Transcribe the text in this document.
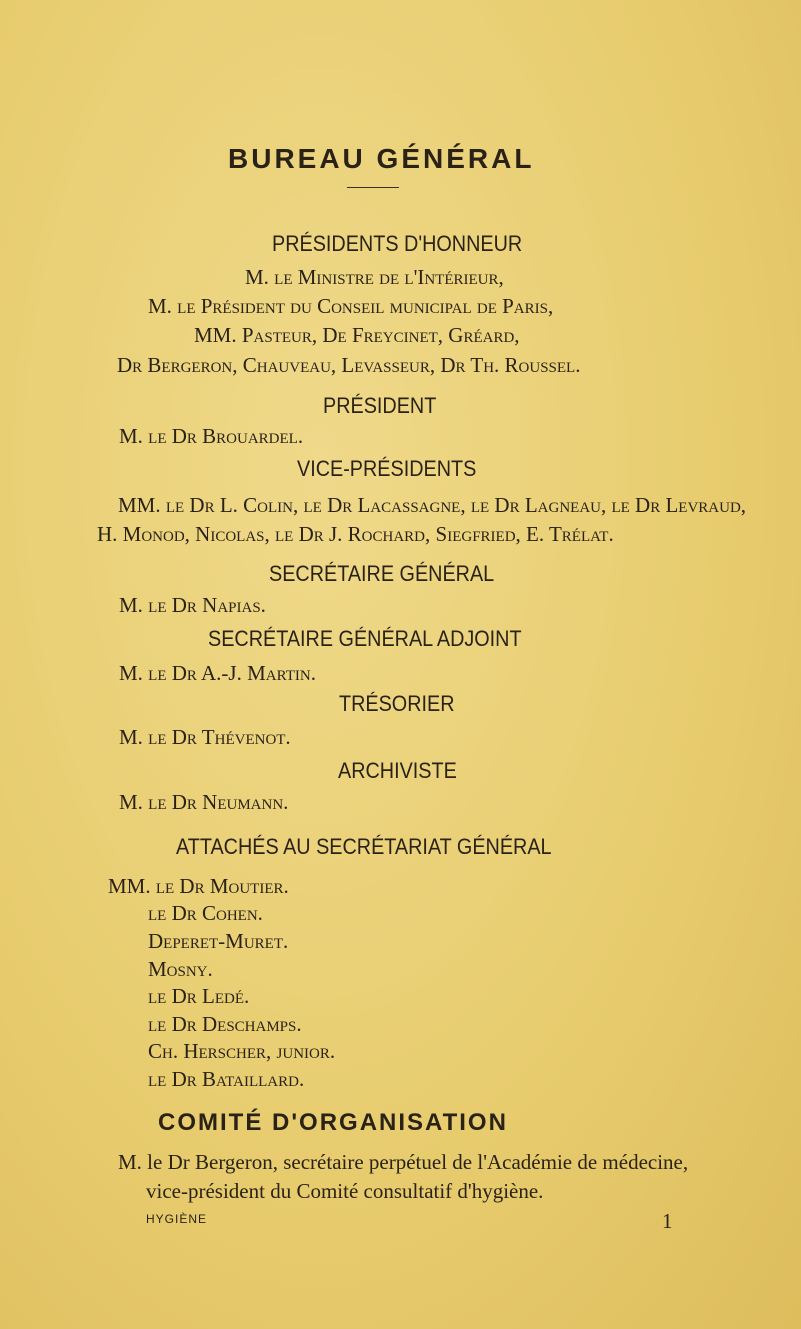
BUREAU GÉNÉRAL
PRÉSIDENTS D'HONNEUR
M. le Ministre de l'Intérieur,
M. le Président du Conseil municipal de Paris,
MM. Pasteur, De Freycinet, Gréard,
Dr Bergeron, Chauveau, Levasseur, Dr Th. Roussel.
PRÉSIDENT
M. le Dr Brouardel.
VICE-PRÉSIDENTS
MM. le Dr L. Colin, le Dr Lacassagne, le Dr Lagneau, le Dr Levraud,
H. Monod, Nicolas, le Dr J. Rochard, Siegfried, E. Trélat.
SECRÉTAIRE GÉNÉRAL
M. le Dr Napias.
SECRÉTAIRE GÉNÉRAL ADJOINT
M. le Dr A.-J. Martin.
TRÉSORIER
M. le Dr Thévenot.
ARCHIVISTE
M. le Dr Neumann.
ATTACHÉS AU SECRÉTARIAT GÉNÉRAL
MM. le Dr Moutier.
le Dr Cohen.
Deperet-Muret.
Mosny.
le Dr Ledé.
le Dr Deschamps.
Ch. Herscher, junior.
le Dr Bataillard.
COMITÉ D'ORGANISATION
M. le Dr Bergeron, secrétaire perpétuel de l'Académie de médecine,
vice-président du Comité consultatif d'hygiène.
HYGIÈNE	1
